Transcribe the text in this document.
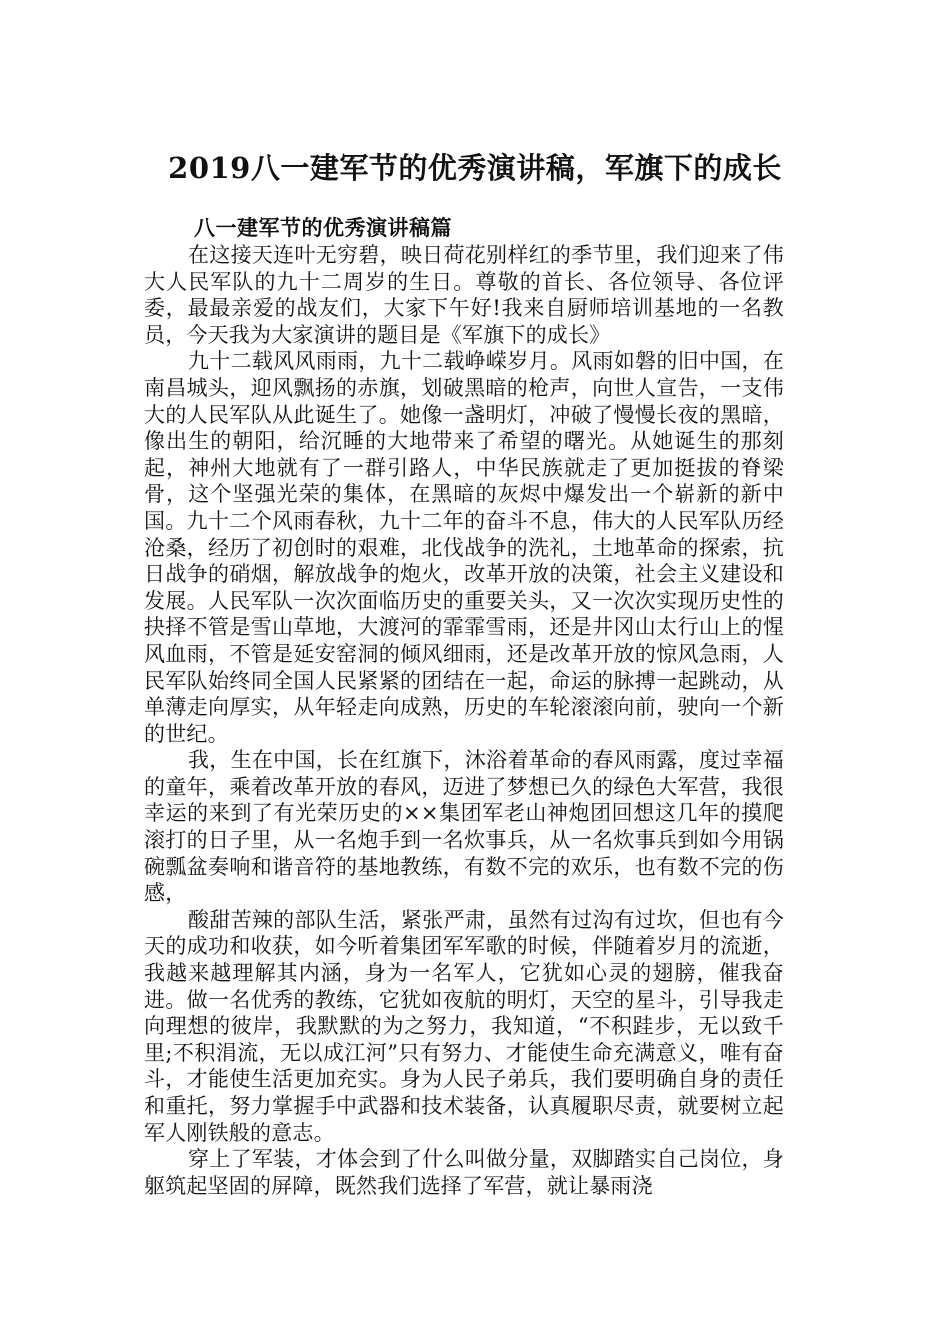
2019八一建军节的优秀演讲稿，军旗下的成长
八一建军节的优秀演讲稿篇

在这接天连叶无穷碧，映日荷花别样红的季节里，我们迎来了伟大人民军队的九十二周岁的生日。尊敬的首长、各位领导、各位评委，最最亲爱的战友们，大家下午好!我来自厨师培训基地的一名教员，今天我为大家演讲的题目是《军旗下的成长》

九十二载风风雨雨，九十二载峥嵘岁月。风雨如磐的旧中国，在南昌城头，迎风飘扬的赤旗，划破黑暗的枪声，向世人宣告，一支伟大的人民军队从此诞生了。她像一盏明灯，冲破了慢慢长夜的黑暗，像出生的朝阳，给沉睡的大地带来了希望的曙光。从她诞生的那刻起，神州大地就有了一群引路人，中华民族就走了更加挺拔的脊梁骨，这个坚强光荣的集体，在黑暗的灰烬中爆发出一个崭新的新中国。九十二个风雨春秋，九十二年的奋斗不息，伟大的人民军队历经沧桑，经历了初创时的艰难，北伐战争的洗礼，土地革命的探索，抗日战争的硝烟，解放战争的炮火，改革开放的决策，社会主义建设和发展。人民军队一次次面临历史的重要关头，又一次次实现历史性的抉择不管是雪山草地，大渡河的霏霏雪雨，还是井冈山太行山上的惺风血雨，不管是延安窑洞的倾风细雨，还是改革开放的惊风急雨，人民军队始终同全国人民紧紧的团结在一起，命运的脉搏一起跳动，从单薄走向厚实，从年轻走向成熟，历史的车轮滚滚向前，驶向一个新的世纪。

我，生在中国，长在红旗下，沐浴着革命的春风雨露，度过幸福的童年，乘着改革开放的春风，迈进了梦想已久的绿色大军营，我很幸运的来到了有光荣历史的××集团军老山神炮团回想这几年的摸爬滚打的日子里，从一名炮手到一名炊事兵，从一名炊事兵到如今用锅碗瓢盆奏响和谐音符的基地教练，有数不完的欢乐，也有数不完的伤感，

酸甜苦辣的部队生活，紧张严肃，虽然有过沟有过坎，但也有今天的成功和收获，如今听着集团军军歌的时候，伴随着岁月的流逝，我越来越理解其内涵，身为一名军人，它犹如心灵的翅膀，催我奋进。做一名优秀的教练，它犹如夜航的明灯，天空的星斗，引导我走向理想的彼岸，我默默的为之努力，我知道，“不积跬步，无以致千里;不积涓流，无以成江河”只有努力、才能使生命充满意义，唯有奋斗，才能使生活更加充实。身为人民子弟兵，我们要明确自身的责任和重托，努力掌握手中武器和技术装备，认真履职尽责，就要树立起军人刚铁般的意志。

穿上了军装，才体会到了什么叫做分量，双脚踏实自己岗位，身躯筑起坚固的屏障，既然我们选择了军营，就让暴雨浇
